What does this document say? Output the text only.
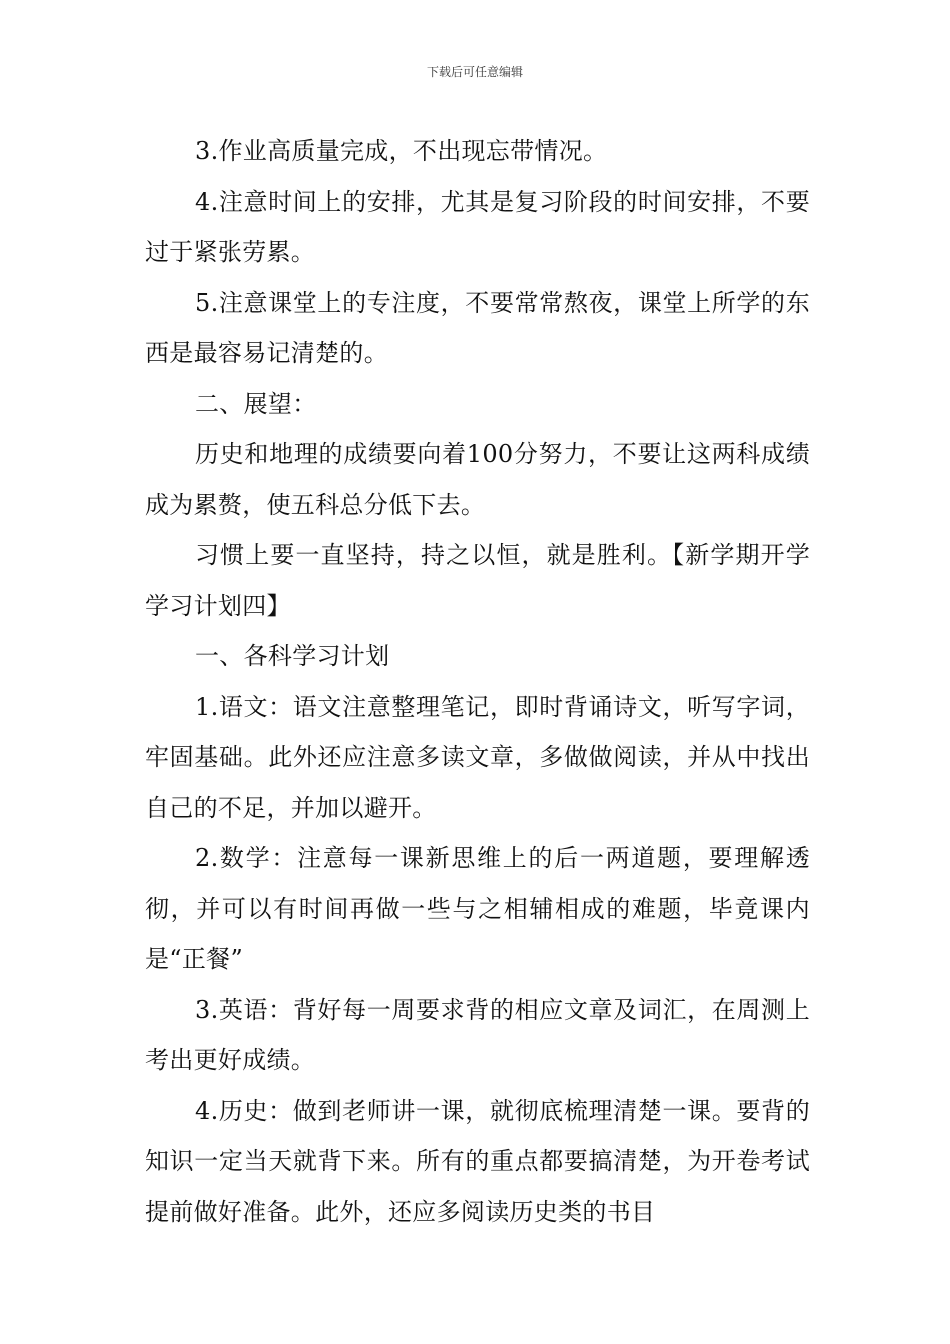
下载后可任意编辑

3.作业高质量完成，不出现忘带情况。

4.注意时间上的安排，尤其是复习阶段的时间安排，不要过于紧张劳累。

5.注意课堂上的专注度，不要常常熬夜，课堂上所学的东西是最容易记清楚的。

二、展望：

历史和地理的成绩要向着100分努力，不要让这两科成绩成为累赘，使五科总分低下去。

习惯上要一直坚持，持之以恒，就是胜利。【新学期开学学习计划四】

一、各科学习计划

1.语文：语文注意整理笔记，即时背诵诗文，听写字词，牢固基础。此外还应注意多读文章，多做做阅读，并从中找出自己的不足，并加以避开。

2.数学：注意每一课新思维上的后一两道题，要理解透彻，并可以有时间再做一些与之相辅相成的难题，毕竟课内是“正餐”

3.英语：背好每一周要求背的相应文章及词汇，在周测上考出更好成绩。

4.历史：做到老师讲一课，就彻底梳理清楚一课。要背的知识一定当天就背下来。所有的重点都要搞清楚，为开卷考试提前做好准备。此外，还应多阅读历史类的书目
